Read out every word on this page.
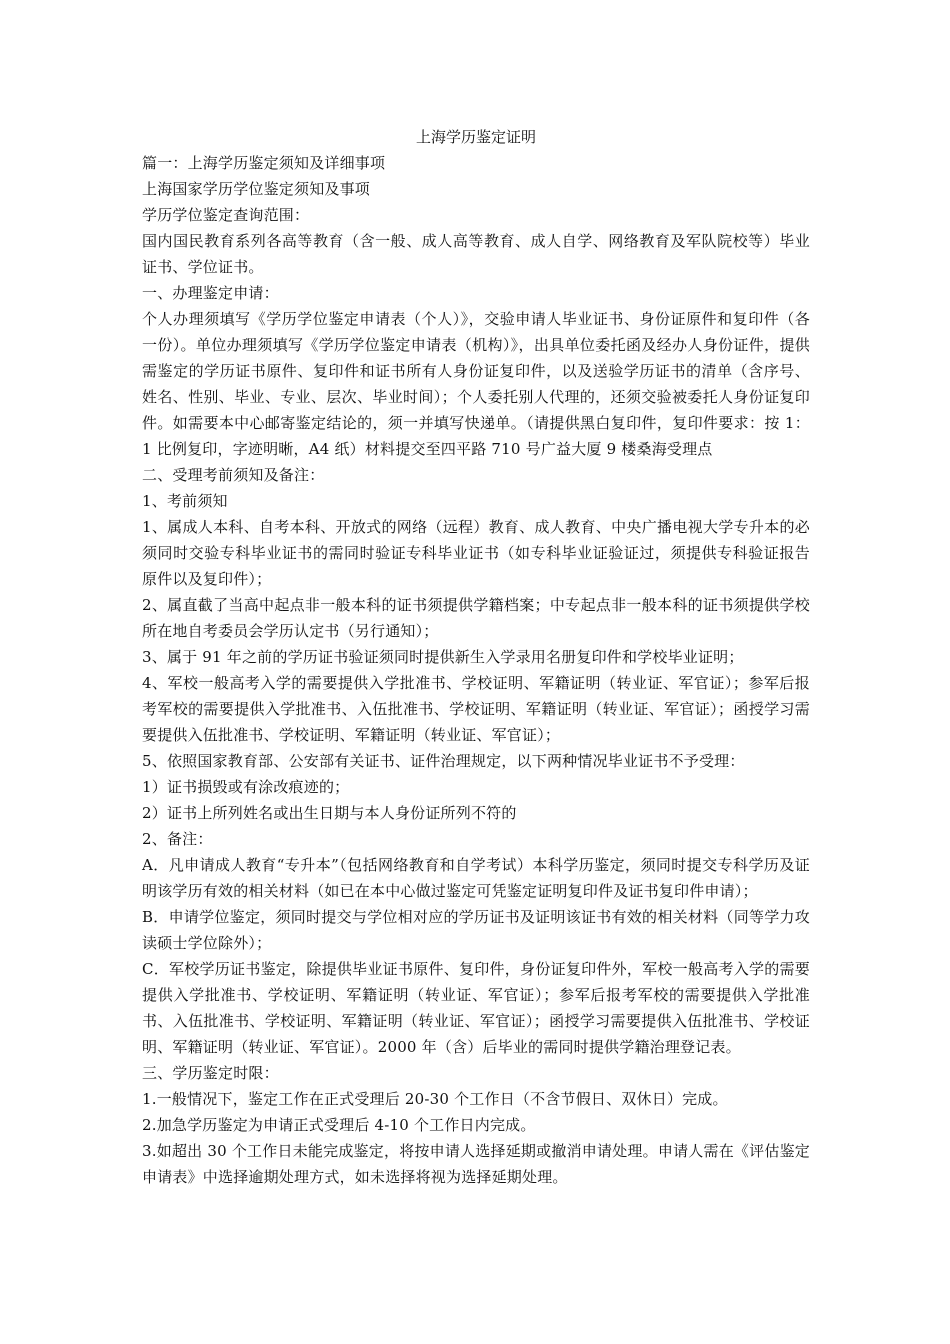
上海学历鉴定证明

篇一：上海学历鉴定须知及详细事项

上海国家学历学位鉴定须知及事项

学历学位鉴定查询范围：

国内国民教育系列各高等教育（含一般、成人高等教育、成人自学、网络教育及军队院校等）毕业证书、学位证书。

一、办理鉴定申请：

个人办理须填写《学历学位鉴定申请表（个人）》，交验申请人毕业证书、身份证原件和复印件（各一份）。单位办理须填写《学历学位鉴定申请表（机构）》，出具单位委托函及经办人身份证件，提供需鉴定的学历证书原件、复印件和证书所有人身份证复印件，以及送验学历证书的清单（含序号、姓名、性别、毕业、专业、层次、毕业时间）；个人委托别人代理的，还须交验被委托人身份证复印件。如需要本中心邮寄鉴定结论的，须一并填写快递单。（请提供黑白复印件，复印件要求：按 1：1 比例复印，字迹明晰，A4 纸）材料提交至四平路 710 号广益大厦 9 楼桑海受理点

二、受理考前须知及备注：

1、考前须知

1、属成人本科、自考本科、开放式的网络（远程）教育、成人教育、中央广播电视大学专升本的必须同时交验专科毕业证书的需同时验证专科毕业证书（如专科毕业证验证过，须提供专科验证报告原件以及复印件）；

2、属直截了当高中起点非一般本科的证书须提供学籍档案；中专起点非一般本科的证书须提供学校所在地自考委员会学历认定书（另行通知）；

3、属于 91 年之前的学历证书验证须同时提供新生入学录用名册复印件和学校毕业证明；

4、军校一般高考入学的需要提供入学批准书、学校证明、军籍证明（转业证、军官证）；参军后报考军校的需要提供入学批准书、入伍批准书、学校证明、军籍证明（转业证、军官证）；函授学习需要提供入伍批准书、学校证明、军籍证明（转业证、军官证）；

5、依照国家教育部、公安部有关证书、证件治理规定，以下两种情况毕业证书不予受理：

1）证书损毁或有涂改痕迹的；

2）证书上所列姓名或出生日期与本人身份证所列不符的

2、备注：

A．凡申请成人教育“专升本”（包括网络教育和自学考试）本科学历鉴定，须同时提交专科学历及证明该学历有效的相关材料（如已在本中心做过鉴定可凭鉴定证明复印件及证书复印件申请）；

B．申请学位鉴定，须同时提交与学位相对应的学历证书及证明该证书有效的相关材料（同等学力攻读硕士学位除外）；

C．军校学历证书鉴定，除提供毕业证书原件、复印件，身份证复印件外，军校一般高考入学的需要提供入学批准书、学校证明、军籍证明（转业证、军官证）；参军后报考军校的需要提供入学批准书、入伍批准书、学校证明、军籍证明（转业证、军官证）；函授学习需要提供入伍批准书、学校证明、军籍证明（转业证、军官证）。2000 年（含）后毕业的需同时提供学籍治理登记表。

三、学历鉴定时限：

1.一般情况下，鉴定工作在正式受理后 20-30 个工作日（不含节假日、双休日）完成。

2.加急学历鉴定为申请正式受理后 4-10 个工作日内完成。

3.如超出 30 个工作日未能完成鉴定，将按申请人选择延期或撤消申请处理。申请人需在《评估鉴定申请表》中选择逾期处理方式，如未选择将视为选择延期处理。
